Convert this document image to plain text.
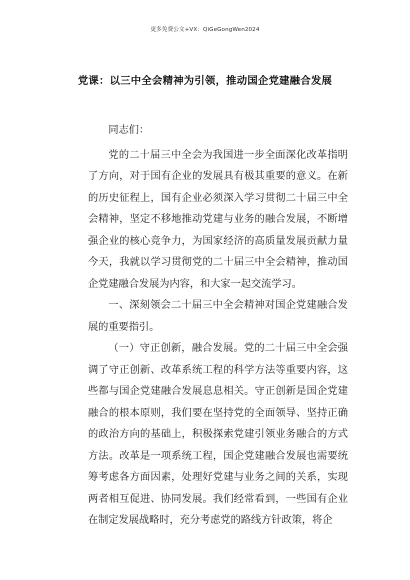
更多免费公文+VX：QiGeGongWen2024
党课：以三中全会精神为引领，推动国企党建融合发展

同志们：

党的二十届三中全会为我国进一步全面深化改革指明了方向，对于国有企业的发展具有极其重要的意义。在新的历史征程上，国有企业必须深入学习贯彻二十届三中全会精神，坚定不移地推动党建与业务的融合发展，不断增强企业的核心竞争力，为国家经济的高质量发展贡献力量今天，我就以学习贯彻党的二十届三中全会精神，推动国企党建融合发展为内容，和大家一起交流学习。

一、深刻领会二十届三中全会精神对国企党建融合发展的重要指引。

（一）守正创新，融合发展。党的二十届三中全会强调了守正创新、改革系统工程的科学方法等重要内容，这些都与国企党建融合发展息息相关。守正创新是国企党建融合的根本原则，我们要在坚持党的全面领导、坚持正确的政治方向的基础上，积极探索党建引领业务融合的方式方法。改革是一项系统工程，国企党建融合发展也需要统筹考虑各方面因素，处理好党建与业务之间的关系，实现两者相互促进、协同发展。我们经常看到，一些国有企业在制定发展战略时，充分考虑党的路线方针政策，将企
